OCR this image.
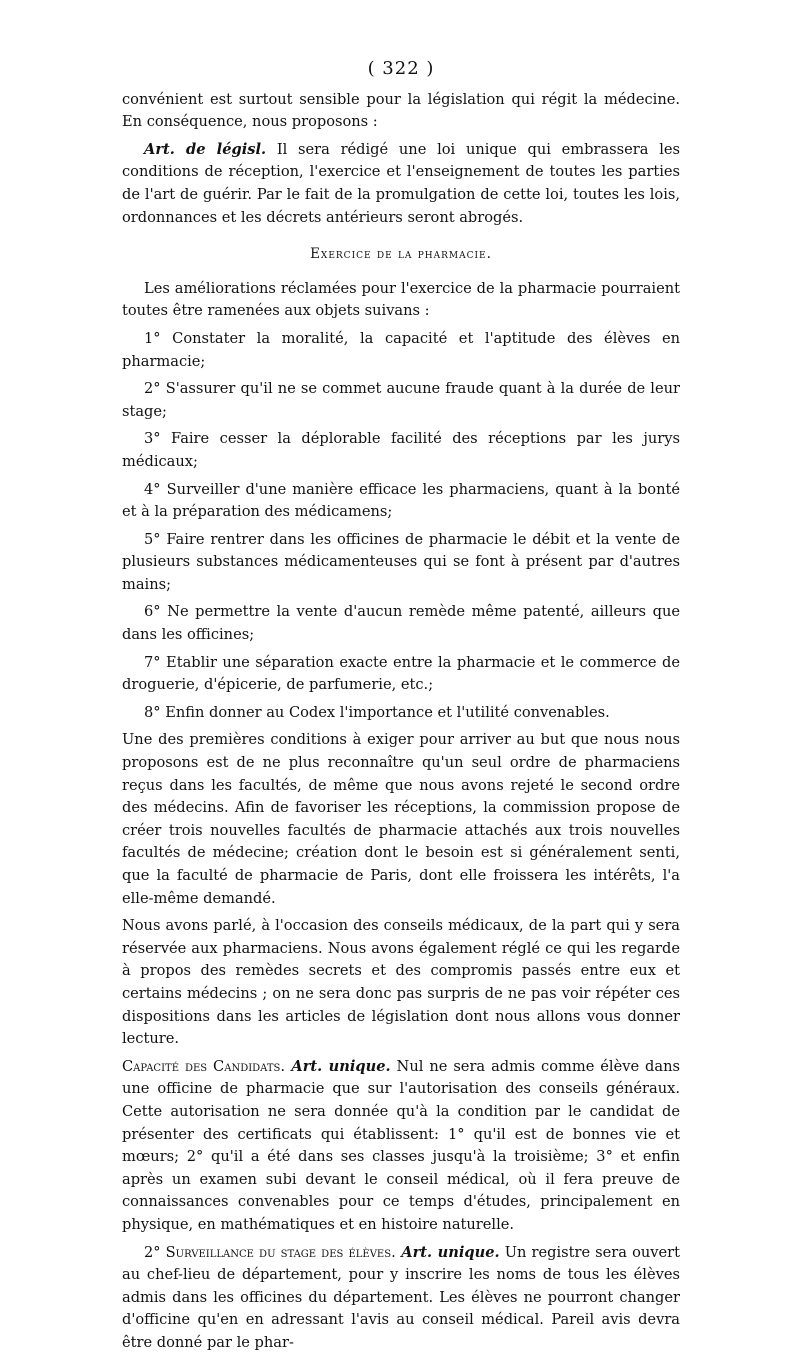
( 322 )

convénient est surtout sensible pour la législation qui régit la médecine. En conséquence, nous proposons :

Art. de législ. Il sera rédigé une loi unique qui embrassera les conditions de réception, l'exercice et l'enseignement de toutes les parties de l'art de guérir. Par le fait de la promulgation de cette loi, toutes les lois, ordonnances et les décrets antérieurs seront abrogés.

Exercice de la pharmacie.

Les améliorations réclamées pour l'exercice de la pharmacie pourraient toutes être ramenées aux objets suivans :

1° Constater la moralité, la capacité et l'aptitude des élèves en pharmacie;

2° S'assurer qu'il ne se commet aucune fraude quant à la durée de leur stage;

3° Faire cesser la déplorable facilité des réceptions par les jurys médicaux;

4° Surveiller d'une manière efficace les pharmaciens, quant à la bonté et à la préparation des médicamens;

5° Faire rentrer dans les officines de pharmacie le débit et la vente de plusieurs substances médicamenteuses qui se font à présent par d'autres mains;

6° Ne permettre la vente d'aucun remède même patenté, ailleurs que dans les officines;

7° Etablir une séparation exacte entre la pharmacie et le commerce de droguerie, d'épicerie, de parfumerie, etc.;

8° Enfin donner au Codex l'importance et l'utilité convenables.

Une des premières conditions à exiger pour arriver au but que nous nous proposons est de ne plus reconnaître qu'un seul ordre de pharmaciens reçus dans les facultés, de même que nous avons rejeté le second ordre des médecins. Afin de favoriser les réceptions, la commission propose de créer trois nouvelles facultés de pharmacie attachés aux trois nouvelles facultés de médecine; création dont le besoin est si généralement senti, que la faculté de pharmacie de Paris, dont elle froissera les intérêts, l'a elle-même demandé.

Nous avons parlé, à l'occasion des conseils médicaux, de la part qui y sera réservée aux pharmaciens. Nous avons également réglé ce qui les regarde à propos des remèdes secrets et des compromis passés entre eux et certains médecins ; on ne sera donc pas surpris de ne pas voir répéter ces dispositions dans les articles de législation dont nous allons vous donner lecture.

Capacité des Candidats. Art. unique. Nul ne sera admis comme élève dans une officine de pharmacie que sur l'autorisation des conseils généraux. Cette autorisation ne sera donnée qu'à la condition par le candidat de présenter des certificats qui établissent: 1° qu'il est de bonnes vie et mœurs; 2° qu'il a été dans ses classes jusqu'à la troisième; 3° et enfin après un examen subi devant le conseil médical, où il fera preuve de connaissances convenables pour ce temps d'études, principalement en physique, en mathématiques et en histoire naturelle.

2° Surveillance du stage des élèves. Art. unique. Un registre sera ouvert au chef-lieu de département, pour y inscrire les noms de tous les élèves admis dans les officines du département. Les élèves ne pourront changer d'officine qu'en en adressant l'avis au conseil médical. Pareil avis devra être donné par le phar-
